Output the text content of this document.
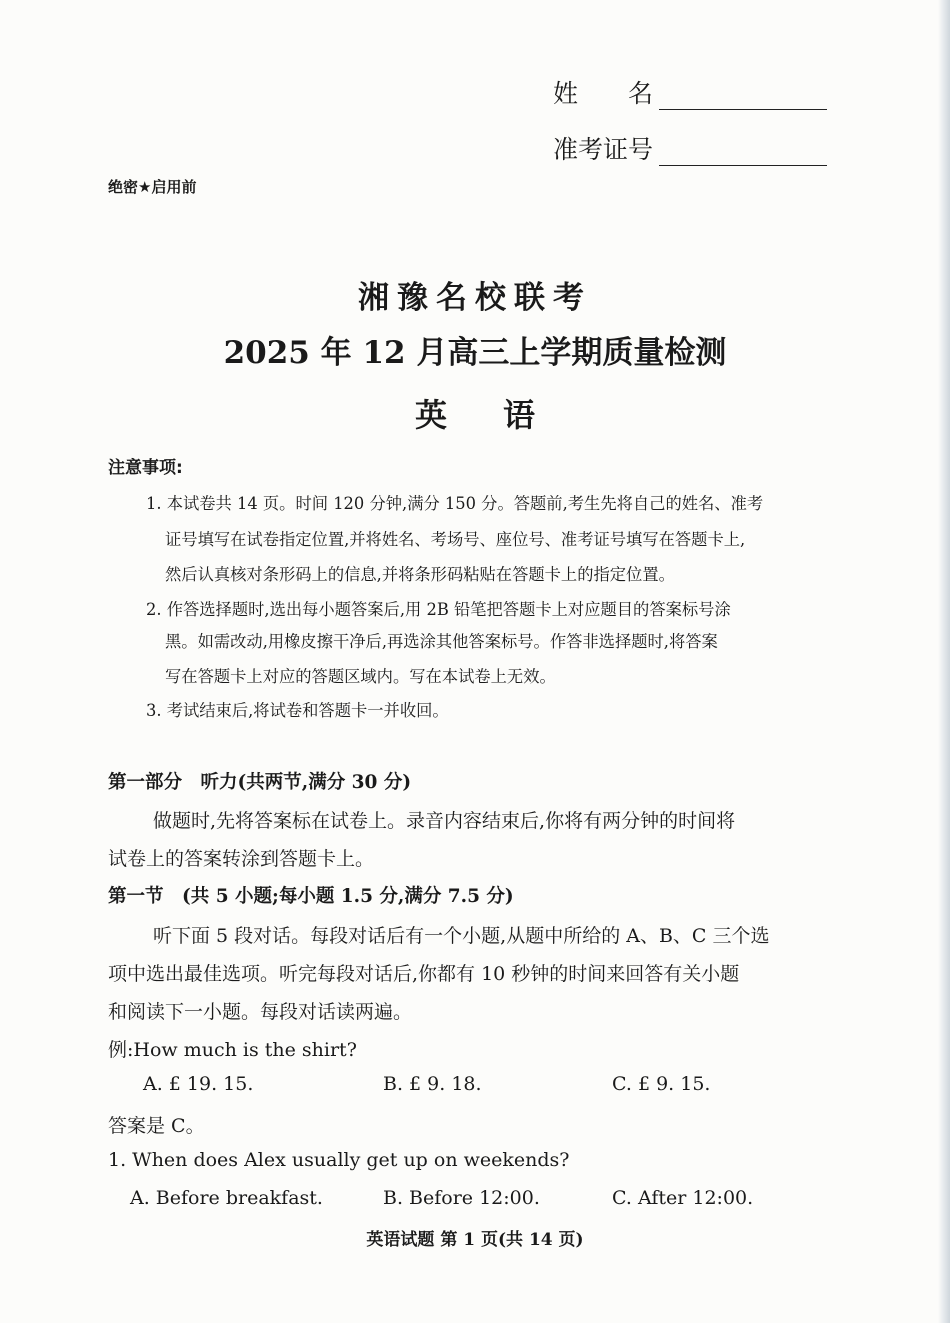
姓　　名
准考证号
绝密★启用前
湘豫名校联考
2025 年 12 月高三上学期质量检测
英语
注意事项:
1. 本试卷共 14 页。时间 120 分钟,满分 150 分。答题前,考生先将自己的姓名、准考
证号填写在试卷指定位置,并将姓名、考场号、座位号、准考证号填写在答题卡上,
然后认真核对条形码上的信息,并将条形码粘贴在答题卡上的指定位置。
2. 作答选择题时,选出每小题答案后,用 2B 铅笔把答题卡上对应题目的答案标号涂
黑。如需改动,用橡皮擦干净后,再选涂其他答案标号。作答非选择题时,将答案
写在答题卡上对应的答题区域内。写在本试卷上无效。
3. 考试结束后,将试卷和答题卡一并收回。
第一部分　听力(共两节,满分 30 分)
做题时,先将答案标在试卷上。录音内容结束后,你将有两分钟的时间将
试卷上的答案转涂到答题卡上。
第一节　(共 5 小题;每小题 1.5 分,满分 7.5 分)
听下面 5 段对话。每段对话后有一个小题,从题中所给的 A、B、C 三个选
项中选出最佳选项。听完每段对话后,你都有 10 秒钟的时间来回答有关小题
和阅读下一小题。每段对话读两遍。
例:How much is the shirt?
A. £ 19. 15.	B. £ 9. 18.	C. £ 9. 15.
答案是 C。
1. When does Alex usually get up on weekends?
A. Before breakfast.	B. Before 12:00.	C. After 12:00.
英语试题 第 1 页(共 14 页)
